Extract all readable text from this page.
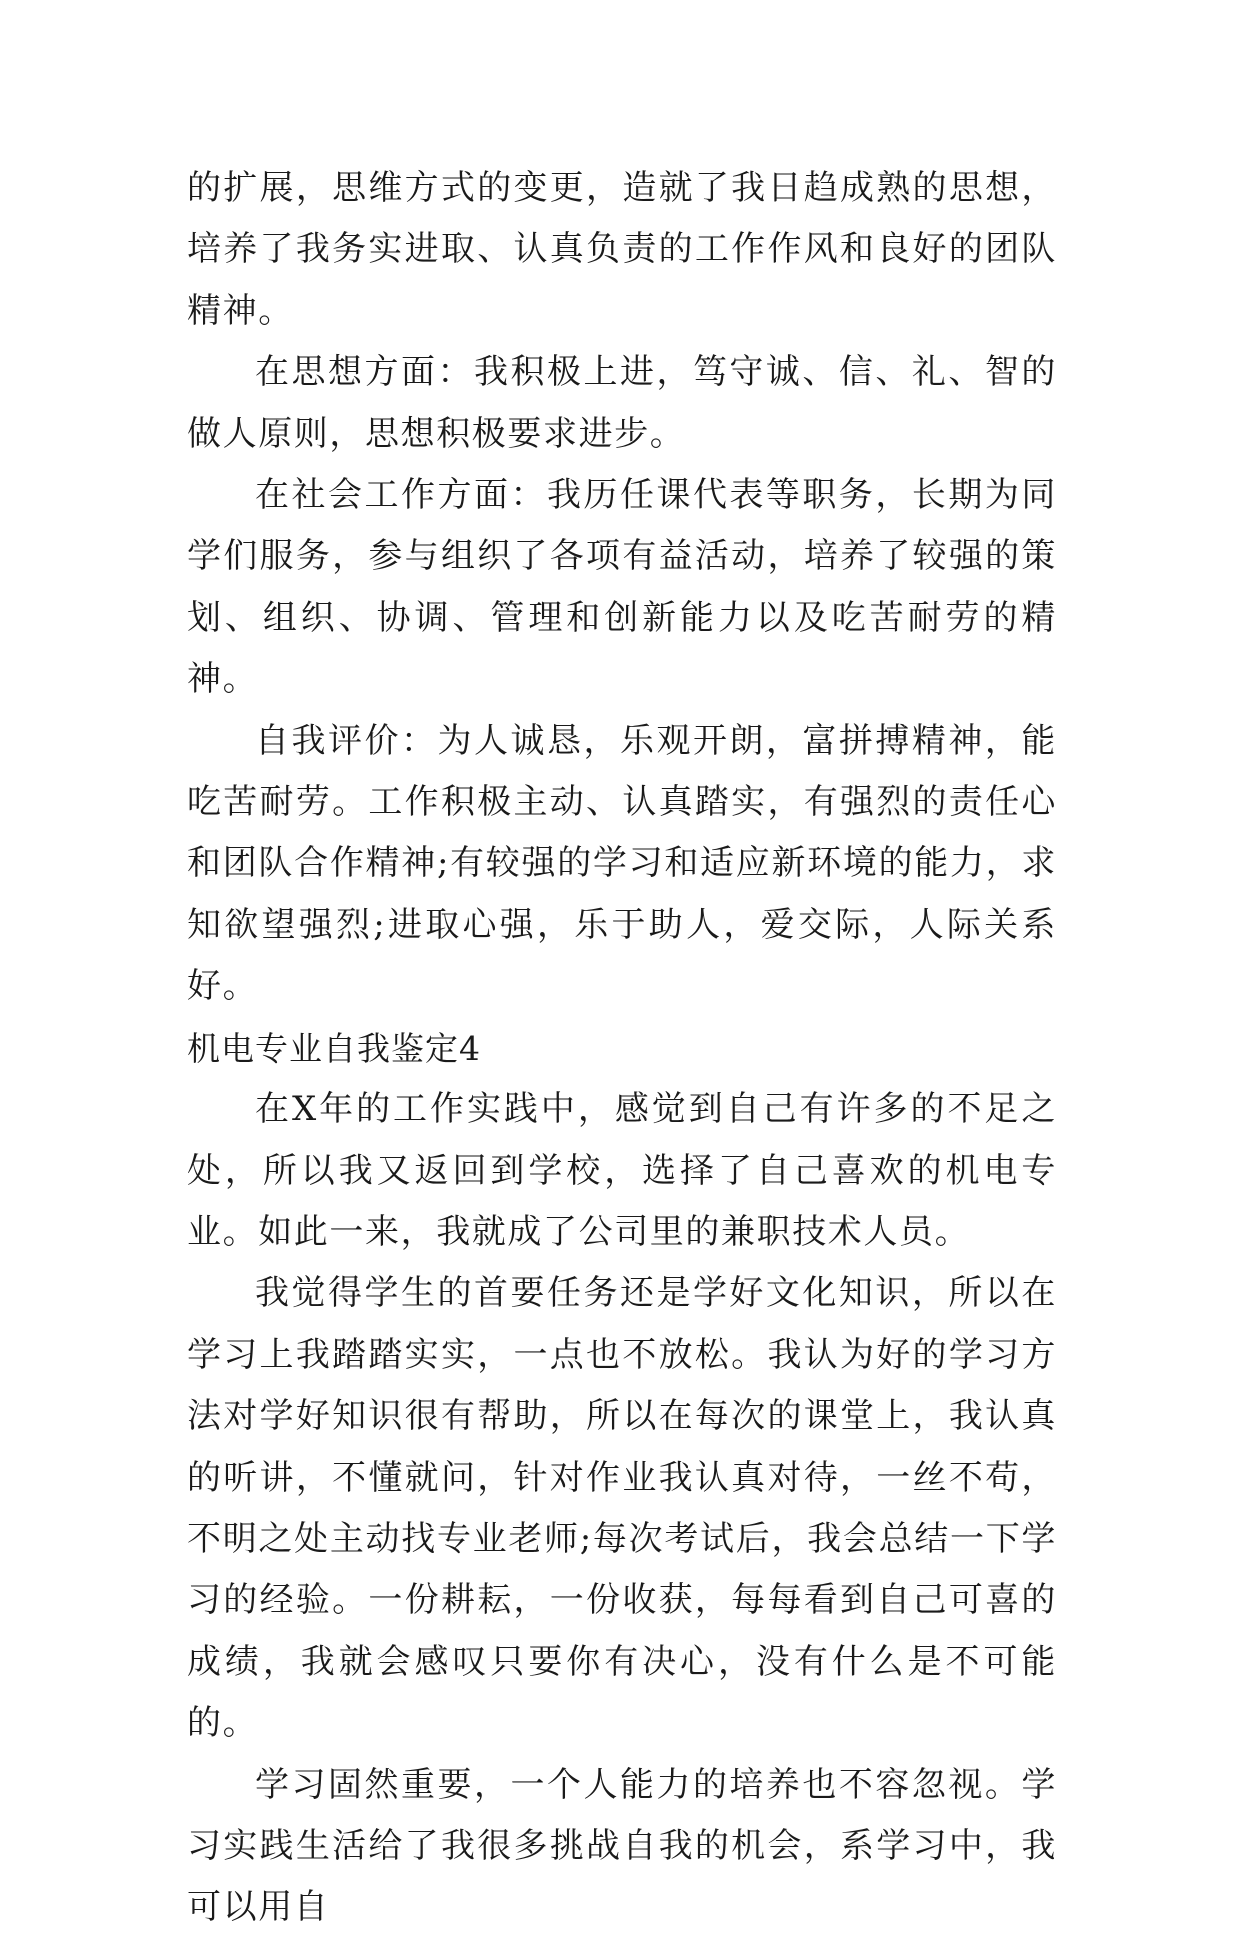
的扩展，思维方式的变更，造就了我日趋成熟的思想，培养了我务实进取、认真负责的工作作风和良好的团队精神。

在思想方面：我积极上进，笃守诚、信、礼、智的做人原则，思想积极要求进步。

在社会工作方面：我历任课代表等职务，长期为同学们服务，参与组织了各项有益活动，培养了较强的策划、组织、协调、管理和创新能力以及吃苦耐劳的精神。

自我评价：为人诚恳，乐观开朗，富拼搏精神，能吃苦耐劳。工作积极主动、认真踏实，有强烈的责任心和团队合作精神;有较强的学习和适应新环境的能力，求知欲望强烈;进取心强，乐于助人，爱交际，人际关系好。

机电专业自我鉴定4

在X年的工作实践中，感觉到自己有许多的不足之处，所以我又返回到学校，选择了自己喜欢的机电专业。如此一来，我就成了公司里的兼职技术人员。

我觉得学生的首要任务还是学好文化知识，所以在学习上我踏踏实实，一点也不放松。我认为好的学习方法对学好知识很有帮助，所以在每次的课堂上，我认真的听讲，不懂就问，针对作业我认真对待，一丝不苟，不明之处主动找专业老师;每次考试后，我会总结一下学习的经验。一份耕耘，一份收获，每每看到自己可喜的成绩，我就会感叹只要你有决心，没有什么是不可能的。

学习固然重要，一个人能力的培养也不容忽视。学习实践生活给了我很多挑战自我的机会，系学习中，我可以用自
